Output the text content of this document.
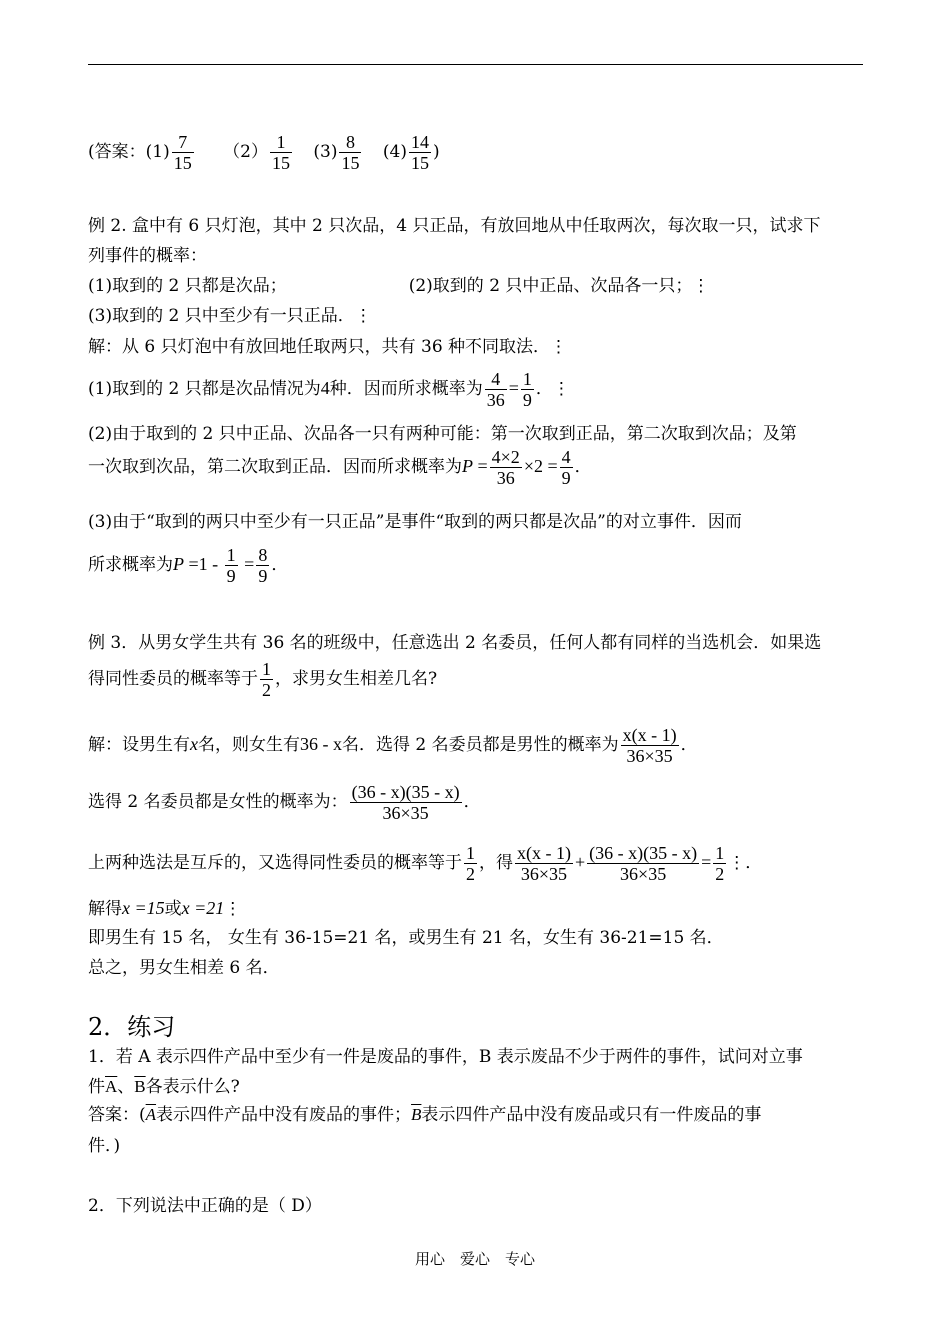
(答案：$(1) \frac{7}{15} (2) \frac{1}{15} (3) \frac{8}{15} (4) \frac{14}{15}$ )
例 2. 盒中有 6 只灯泡，其中 2 只次品，4 只正品，有放回地从中任取两次，每次取一只，试求下
列事件的概率：
(1)取到的 2 只都是次品；	(2)取到的 2 只中正品、次品各一只；⋮
(3)取到的 2 只中至少有一只正品．⋮
解：从 6 只灯泡中有放回地任取两只，共有 36 种不同取法．⋮
(1)取到的 2 只都是次品情况为4种．因而所求概率为 $\frac{4}{36} = \frac{1}{9}$ ．⋮
(2)由于取到的 2 只中正品、次品各一只有两种可能：第一次取到正品，第二次取到次品；及第
一次取到次品，第二次取到正品．因而所求概率为$P = \frac{4\times 2}{36} \times 2 = \frac{4}{9}$ ．
(3)由于“取到的两只中至少有一只正品”是事件“取到的两只都是次品”的对立事件．因而
所求概率为$P =1 - \frac{1}{9} = \frac{8}{9}$ ．
例 3．从男女学生共有 36 名的班级中，任意选出 2 名委员，任何人都有同样的当选机会．如果选
得同性委员的概率等于 $\frac{1}{2}$ ，求男女生相差几名?
解：设男生有x名，则女生有36 - x名．选得 2 名委员都是男性的概率为 $\frac{x(x - 1)}{36\times 35}$ ．
选得 2 名委员都是女性的概率为： $\frac{(36 - x)(35 - x)}{36\times 35}$ ．
上两种选法是互斥的，又选得同性委员的概率等于 $\frac{1}{2}$ ，得 $\frac{x(x - 1)}{36\times 35} + \frac{(36 - x)(35 - x)}{36\times 35} = \frac{1}{2}$ ⋮．
解得x =15或x =21⋮
即男生有 15 名， 女生有 36-15=21 名，或男生有 21 名，女生有 36-21=15 名．
总之，男女生相差 6 名．
2．练习
1．若 A 表示四件产品中至少有一件是废品的事件，B 表示废品不少于两件的事件，试问对立事
件$\overline{A}$、$\overline{B}$各表示什么?
答案：($\overline{A}$表示四件产品中没有废品的事件；$\overline{B}$表示四件产品中没有废品或只有一件废品的事
件．)
2．下列说法中正确的是（ D）
用心　爱心　专心
